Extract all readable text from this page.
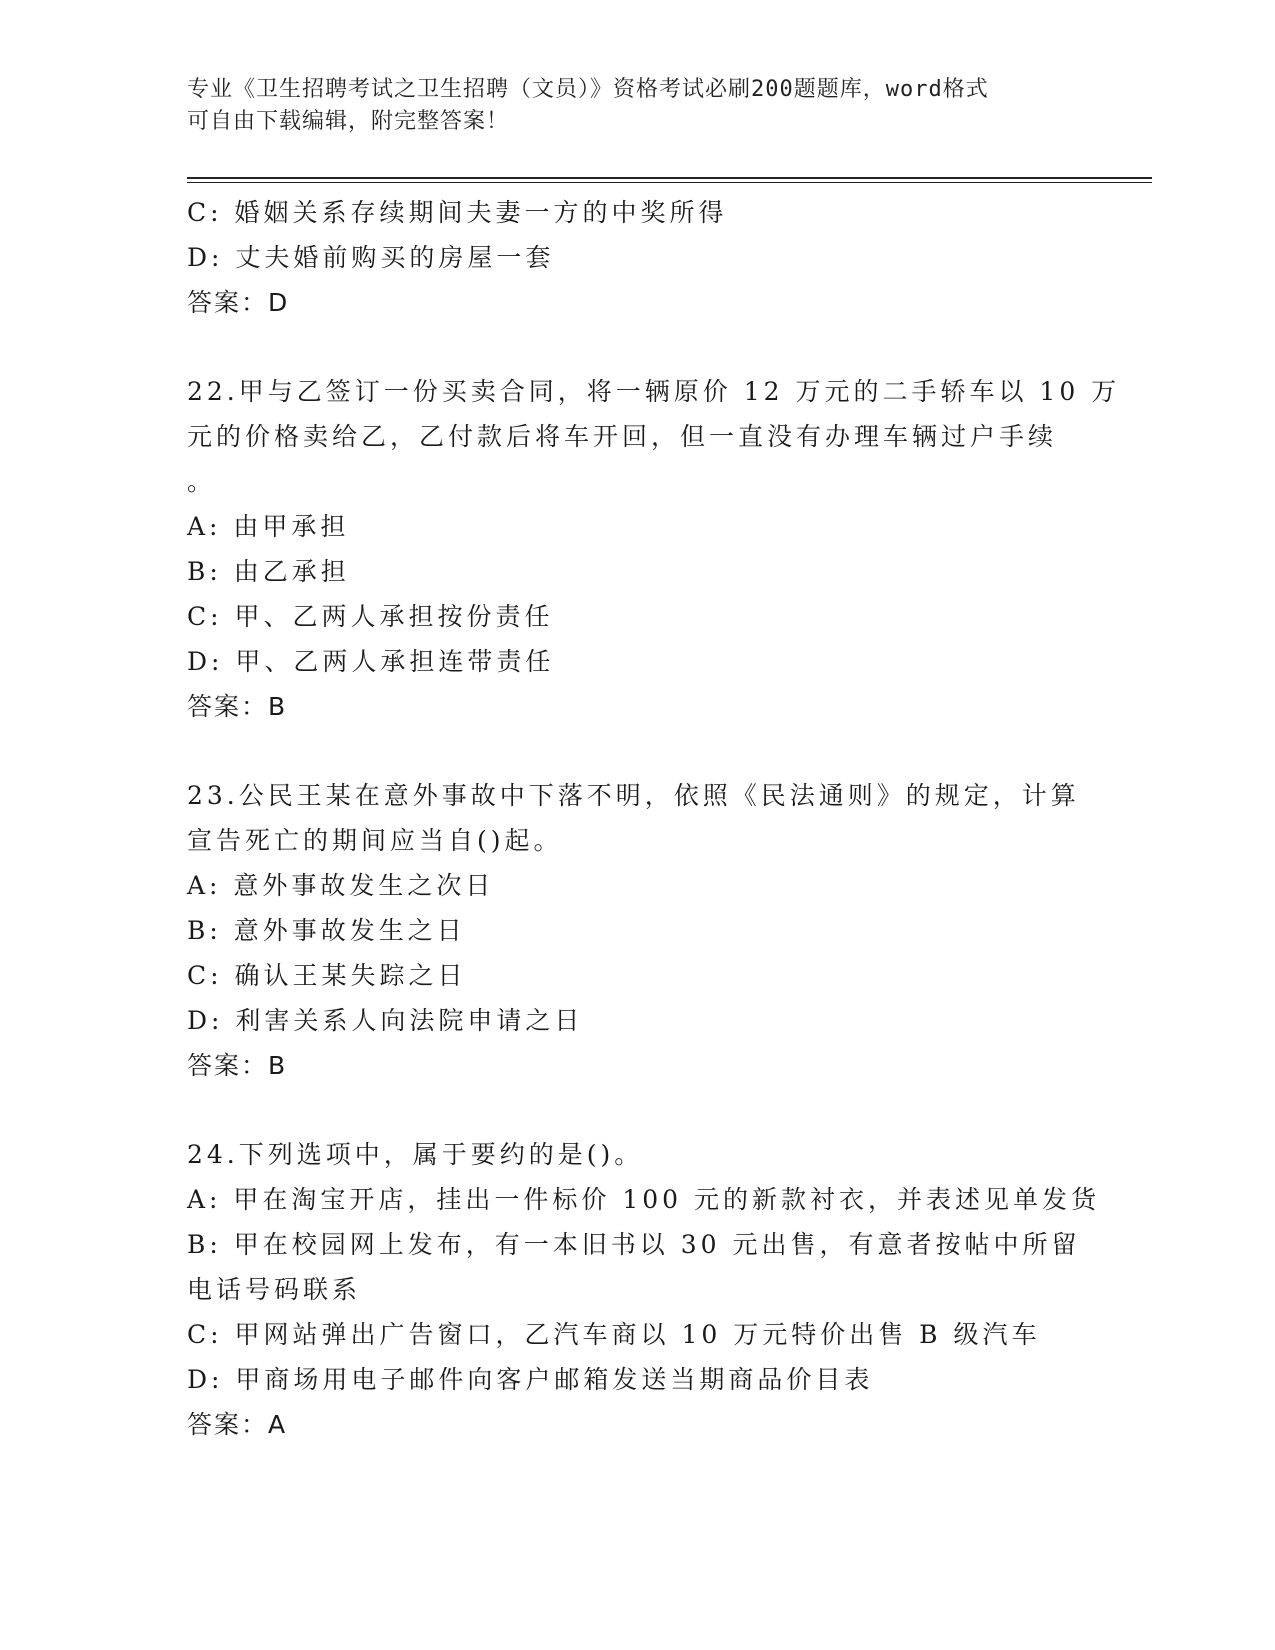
专业《卫生招聘考试之卫生招聘（文员）》资格考试必刷200题题库，word格式
可自由下载编辑，附完整答案！
C: 婚姻关系存续期间夫妻一方的中奖所得
D: 丈夫婚前购买的房屋一套
答案：D
22.甲与乙签订一份买卖合同，将一辆原价 12 万元的二手轿车以 10 万
元的价格卖给乙，乙付款后将车开回，但一直没有办理车辆过户手续
。
A: 由甲承担
B: 由乙承担
C: 甲、乙两人承担按份责任
D: 甲、乙两人承担连带责任
答案：B
23.公民王某在意外事故中下落不明，依照《民法通则》的规定，计算
宣告死亡的期间应当自()起。
A: 意外事故发生之次日
B: 意外事故发生之日
C: 确认王某失踪之日
D: 利害关系人向法院申请之日
答案：B
24.下列选项中，属于要约的是()。
A: 甲在淘宝开店，挂出一件标价 100 元的新款衬衣，并表述见单发货
B: 甲在校园网上发布，有一本旧书以 30 元出售，有意者按帖中所留
电话号码联系
C: 甲网站弹出广告窗口，乙汽车商以 10 万元特价出售 B 级汽车
D: 甲商场用电子邮件向客户邮箱发送当期商品价目表
答案：A
